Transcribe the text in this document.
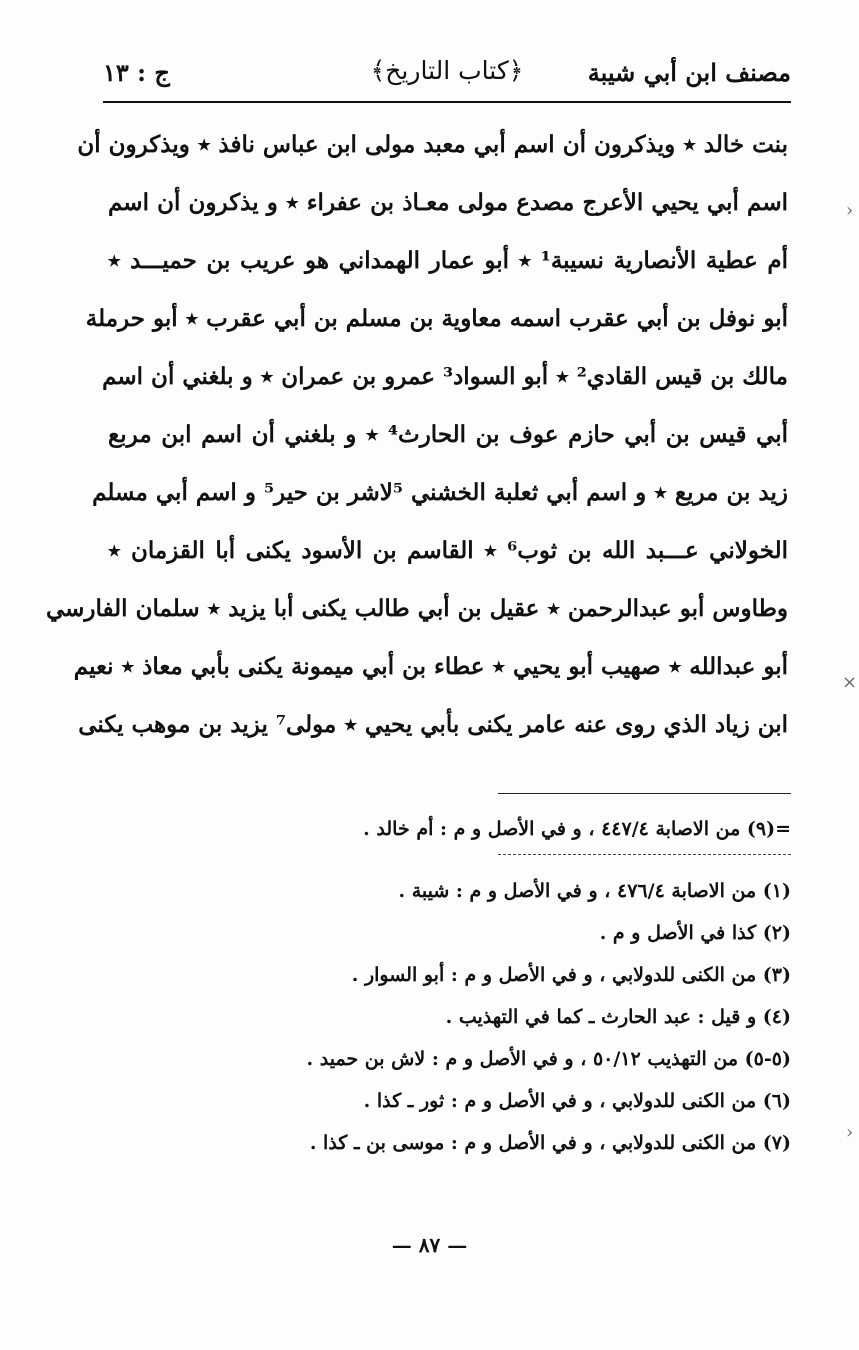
مصنف ابن أبي شيبة
﴿كتاب التاريخ﴾
ج : ١٣
بنت خالد ٭ ويذكرون أن اسم أبي معبد مولى ابن عباس نافذ ٭ ويذكرون أن
اسم أبي يحيي الأعرج مصدع مولى معـاذ بن عفراء ٭ و يذكرون أن اسم
أم عطية الأنصارية نسيبة¹ ٭ أبو عمار الهمداني هو عريب بن حميـــد ٭
أبو نوفل بن أبي عقرب اسمه معاوية بن مسلم بن أبي عقرب ٭ أبو حرملة
مالك بن قيس القادي² ٭ أبو السواد³ عمرو بن عمران ٭ و بلغني أن اسم
أبي قيس بن أبي حازم عوف بن الحارث⁴ ٭ و بلغني أن اسم ابن مربع
زيد بن مريع ٭ و اسم أبي ثعلبة الخشني ⁵لاشر بن حير⁵ و اسم أبي مسلم
الخولاني عـــبد الله بن ثوب⁶ ٭ القاسم بن الأسود يكنى أبا القزمان ٭
وطاوس أبو عبدالرحمن ٭ عقيل بن أبي طالب يكنى أبا يزيد ٭ سلمان الفارسي
أبو عبدالله ٭ صهيب أبو يحيي ٭ عطاء بن أبي ميمونة يكنى بأبي معاذ ٭ نعيم
ابن زياد الذي روى عنه عامر يكنى بأبي يحيي ٭ مولى⁷ يزيد بن موهب يكنى
=(٩) من الاصابة ٤٤٧/٤ ، و في الأصل و م : أم خالد .
(١) من الاصابة ٤٧٦/٤ ، و في الأصل و م : شيبة .
(٢) كذا في الأصل و م .
(٣) من الكنى للدولابي ، و في الأصل و م : أبو السوار .
(٤) و قيل : عبد الحارث ـ كما في التهذيب .
(٥-٥) من التهذيب ٥٠/١٢ ، و في الأصل و م : لاش بن حميد .
(٦) من الكنى للدولابي ، و في الأصل و م : ثور ـ كذا .
(٧) من الكنى للدولابي ، و في الأصل و م : موسى بن ـ كذا .
— ٨٧ —
›
×
›
